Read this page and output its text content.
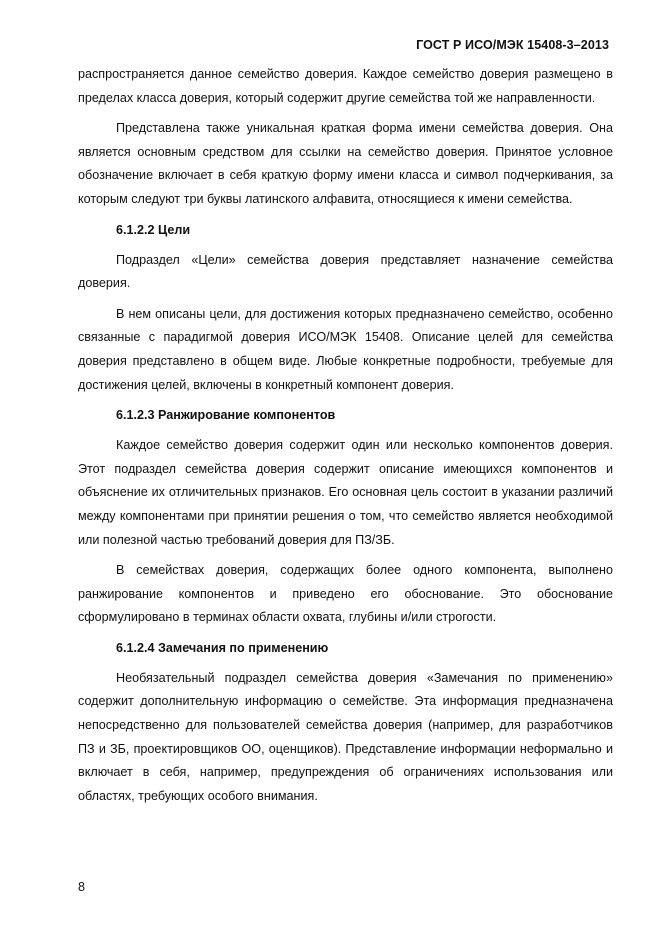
ГОСТ Р ИСО/МЭК 15408-3–2013

распространяется данное семейство доверия. Каждое семейство доверия размещено в пределах класса доверия, который содержит другие семейства той же направленности.

Представлена также уникальная краткая форма имени семейства доверия. Она является основным средством для ссылки на семейство доверия. Принятое условное обозначение включает в себя краткую форму имени класса и символ подчеркивания, за которым следуют три буквы латинского алфавита, относящиеся к имени семейства.

6.1.2.2 Цели

Подраздел «Цели» семейства доверия представляет назначение семейства доверия.

В нем описаны цели, для достижения которых предназначено семейство, особенно связанные с парадигмой доверия ИСО/МЭК 15408. Описание целей для семейства доверия представлено в общем виде. Любые конкретные подробности, требуемые для достижения целей, включены в конкретный компонент доверия.

6.1.2.3 Ранжирование компонентов

Каждое семейство доверия содержит один или несколько компонентов доверия. Этот подраздел семейства доверия содержит описание имеющихся компонентов и объяснение их отличительных признаков. Его основная цель состоит в указании различий между компонентами при принятии решения о том, что семейство является необходимой или полезной частью требований доверия для ПЗ/ЗБ.

В семействах доверия, содержащих более одного компонента, выполнено ранжирование компонентов и приведено его обоснование. Это обоснование сформулировано в терминах области охвата, глубины и/или строгости.

6.1.2.4 Замечания по применению

Необязательный подраздел семейства доверия «Замечания по применению» содержит дополнительную информацию о семействе. Эта информация предназначена непосредственно для пользователей семейства доверия (например, для разработчиков ПЗ и ЗБ, проектировщиков ОО, оценщиков). Представление информации неформально и включает в себя, например, предупреждения об ограничениях использования или областях, требующих особого внимания.

8
